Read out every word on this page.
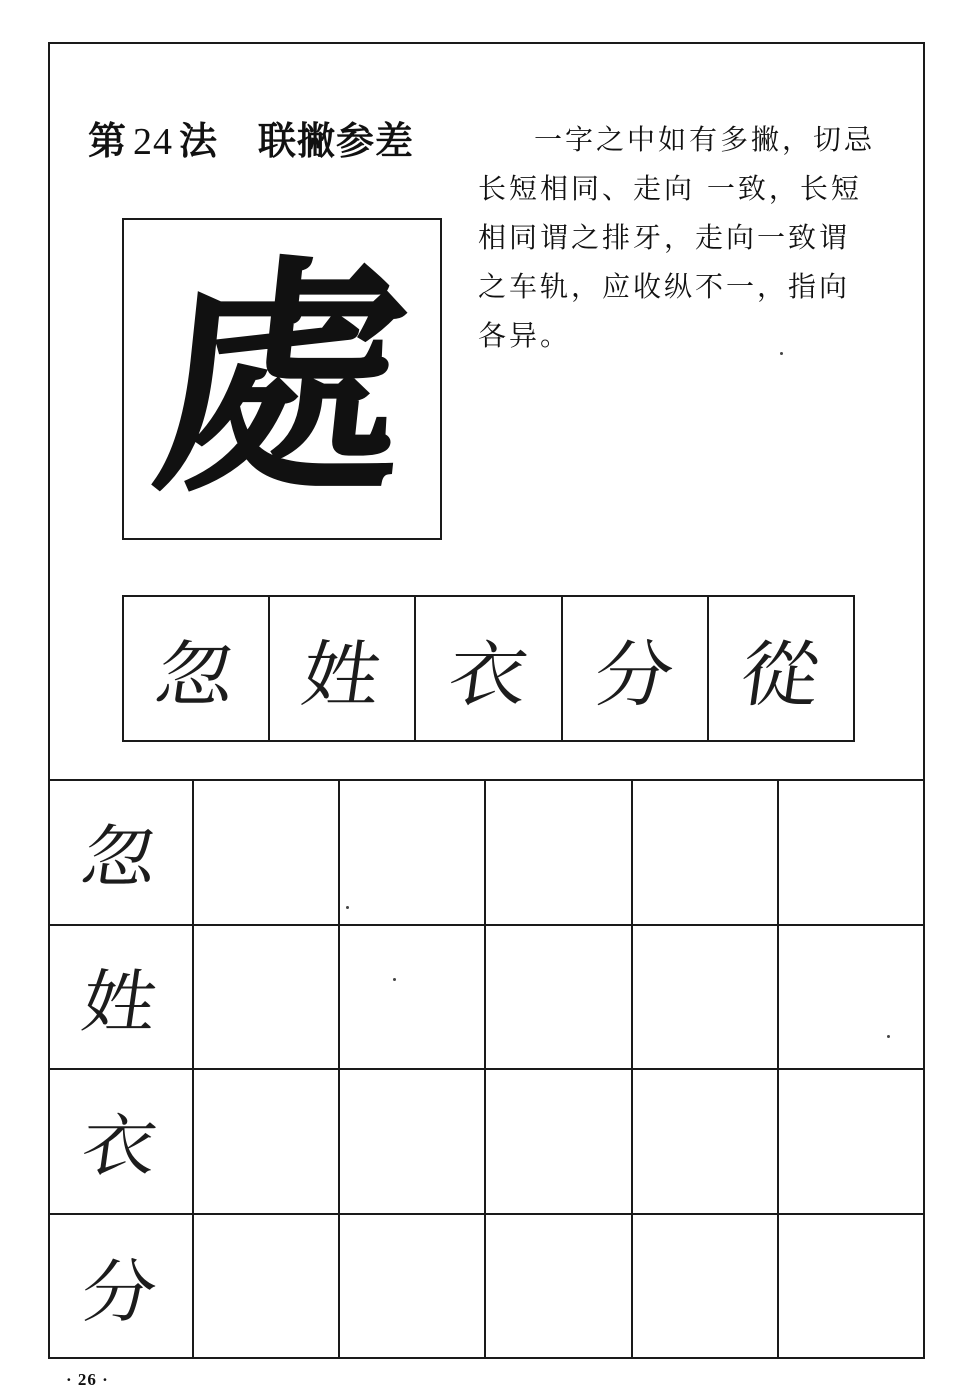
第 24 法 联撇参差	一字之中如有多撇，切忌长短相同、走向 一致，长短相同谓之排牙，走向一致谓之车轨，应收纵不一，指向各异。
處
忽 姓 衣 分 從
忽
姓
衣
分
· 26 ·
